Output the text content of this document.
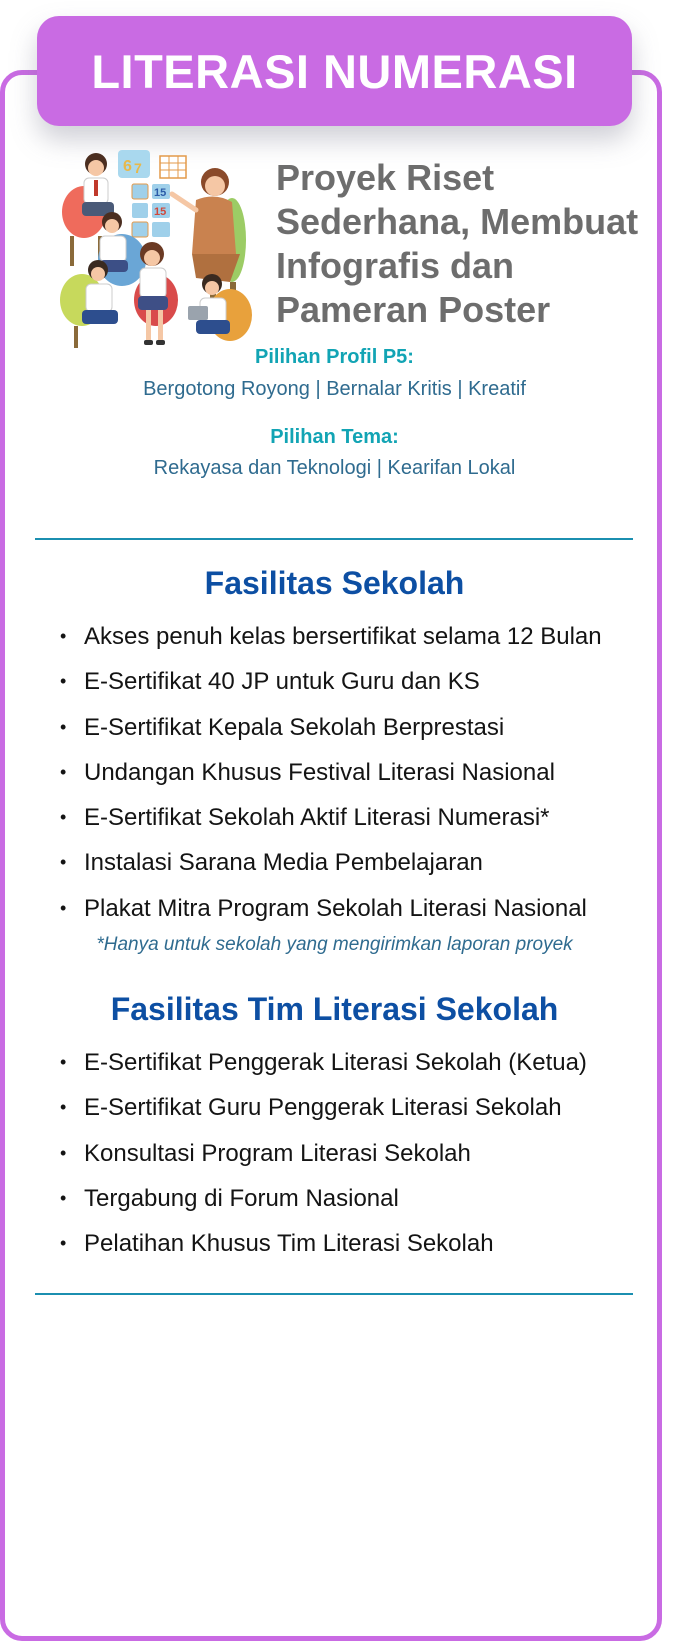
LITERASI NUMERASI
6 7
15
15
Proyek Riset Sederhana, Membuat Infografis dan Pameran Poster
Pilihan Profil P5:
Bergotong Royong | Bernalar Kritis | Kreatif
Pilihan Tema:
Rekayasa dan Teknologi | Kearifan Lokal
Fasilitas Sekolah
• Akses penuh kelas bersertifikat selama 12 Bulan
• E-Sertifikat 40 JP untuk Guru dan KS
• E-Sertifikat Kepala Sekolah Berprestasi
• Undangan Khusus Festival Literasi Nasional
• E-Sertifikat Sekolah Aktif Literasi Numerasi*
• Instalasi Sarana Media Pembelajaran
• Plakat Mitra Program Sekolah Literasi Nasional
*Hanya untuk sekolah yang mengirimkan laporan proyek
Fasilitas Tim Literasi Sekolah
• E-Sertifikat Penggerak Literasi Sekolah (Ketua)
• E-Sertifikat Guru Penggerak Literasi Sekolah
• Konsultasi Program Literasi Sekolah
• Tergabung di Forum Nasional
• Pelatihan Khusus Tim Literasi Sekolah
